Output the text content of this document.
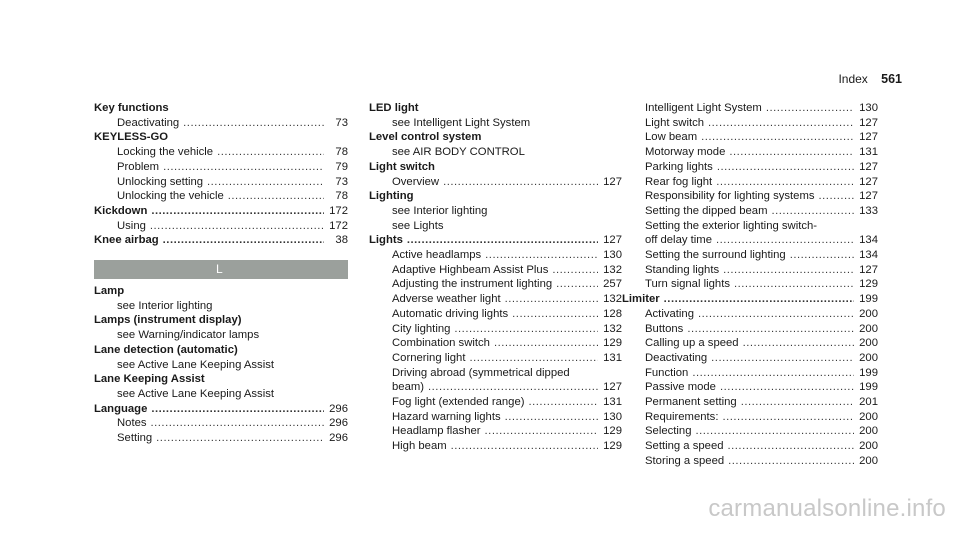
Index 561
Key functions
Deactivating .....	73
KEYLESS-GO
Locking the vehicle .....	78
Problem .....	79
Unlocking setting .....	73
Unlocking the vehicle .....	78
Kickdown .....	172
Using .....	172
Knee airbag .....	38
L
Lamp
see Interior lighting
Lamps (instrument display)
see Warning/indicator lamps
Lane detection (automatic)
see Active Lane Keeping Assist
Lane Keeping Assist
see Active Lane Keeping Assist
Language .....	296
Notes .....	296
Setting .....	296
LED light
see Intelligent Light System
Level control system
see AIR BODY CONTROL
Light switch
Overview .....	127
Lighting
see Interior lighting
see Lights
Lights .....	127
Active headlamps .....	130
Adaptive Highbeam Assist Plus .....	132
Adjusting the instrument lighting .....	257
Adverse weather light .....	132
Automatic driving lights .....	128
City lighting .....	132
Combination switch .....	129
Cornering light .....	131
Driving abroad (symmetrical dipped
beam) .....	127
Fog light (extended range) .....	131
Hazard warning lights .....	130
Headlamp flasher .....	129
High beam .....	129
Intelligent Light System .....	130
Light switch .....	127
Low beam .....	127
Motorway mode .....	131
Parking lights .....	127
Rear fog light .....	127
Responsibility for lighting systems .....	127
Setting the dipped beam .....	133
Setting the exterior lighting switch-
off delay time .....	134
Setting the surround lighting .....	134
Standing lights .....	127
Turn signal lights .....	129
Limiter .....	199
Activating .....	200
Buttons .....	200
Calling up a speed .....	200
Deactivating .....	200
Function .....	199
Passive mode .....	199
Permanent setting .....	201
Requirements: .....	200
Selecting .....	200
Setting a speed .....	200
Storing a speed .....	200
carmanualsonline.info
